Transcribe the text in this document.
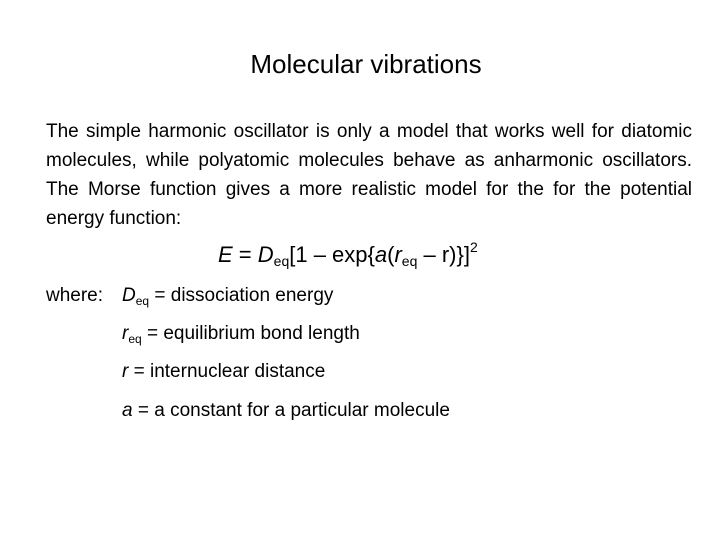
Molecular vibrations
The simple harmonic oscillator is only a model that works well for diatomic molecules, while polyatomic molecules behave as anharmonic oscillators. The Morse function gives a more realistic model for the for the potential energy function:
$E = D_{eq}[1 - \exp\{a(r_{eq} - r)\}]^2$
where: $D_{eq}$ = dissociation energy
$r_{eq}$ = equilibrium bond length
r = internuclear distance
a = a constant for a particular molecule
